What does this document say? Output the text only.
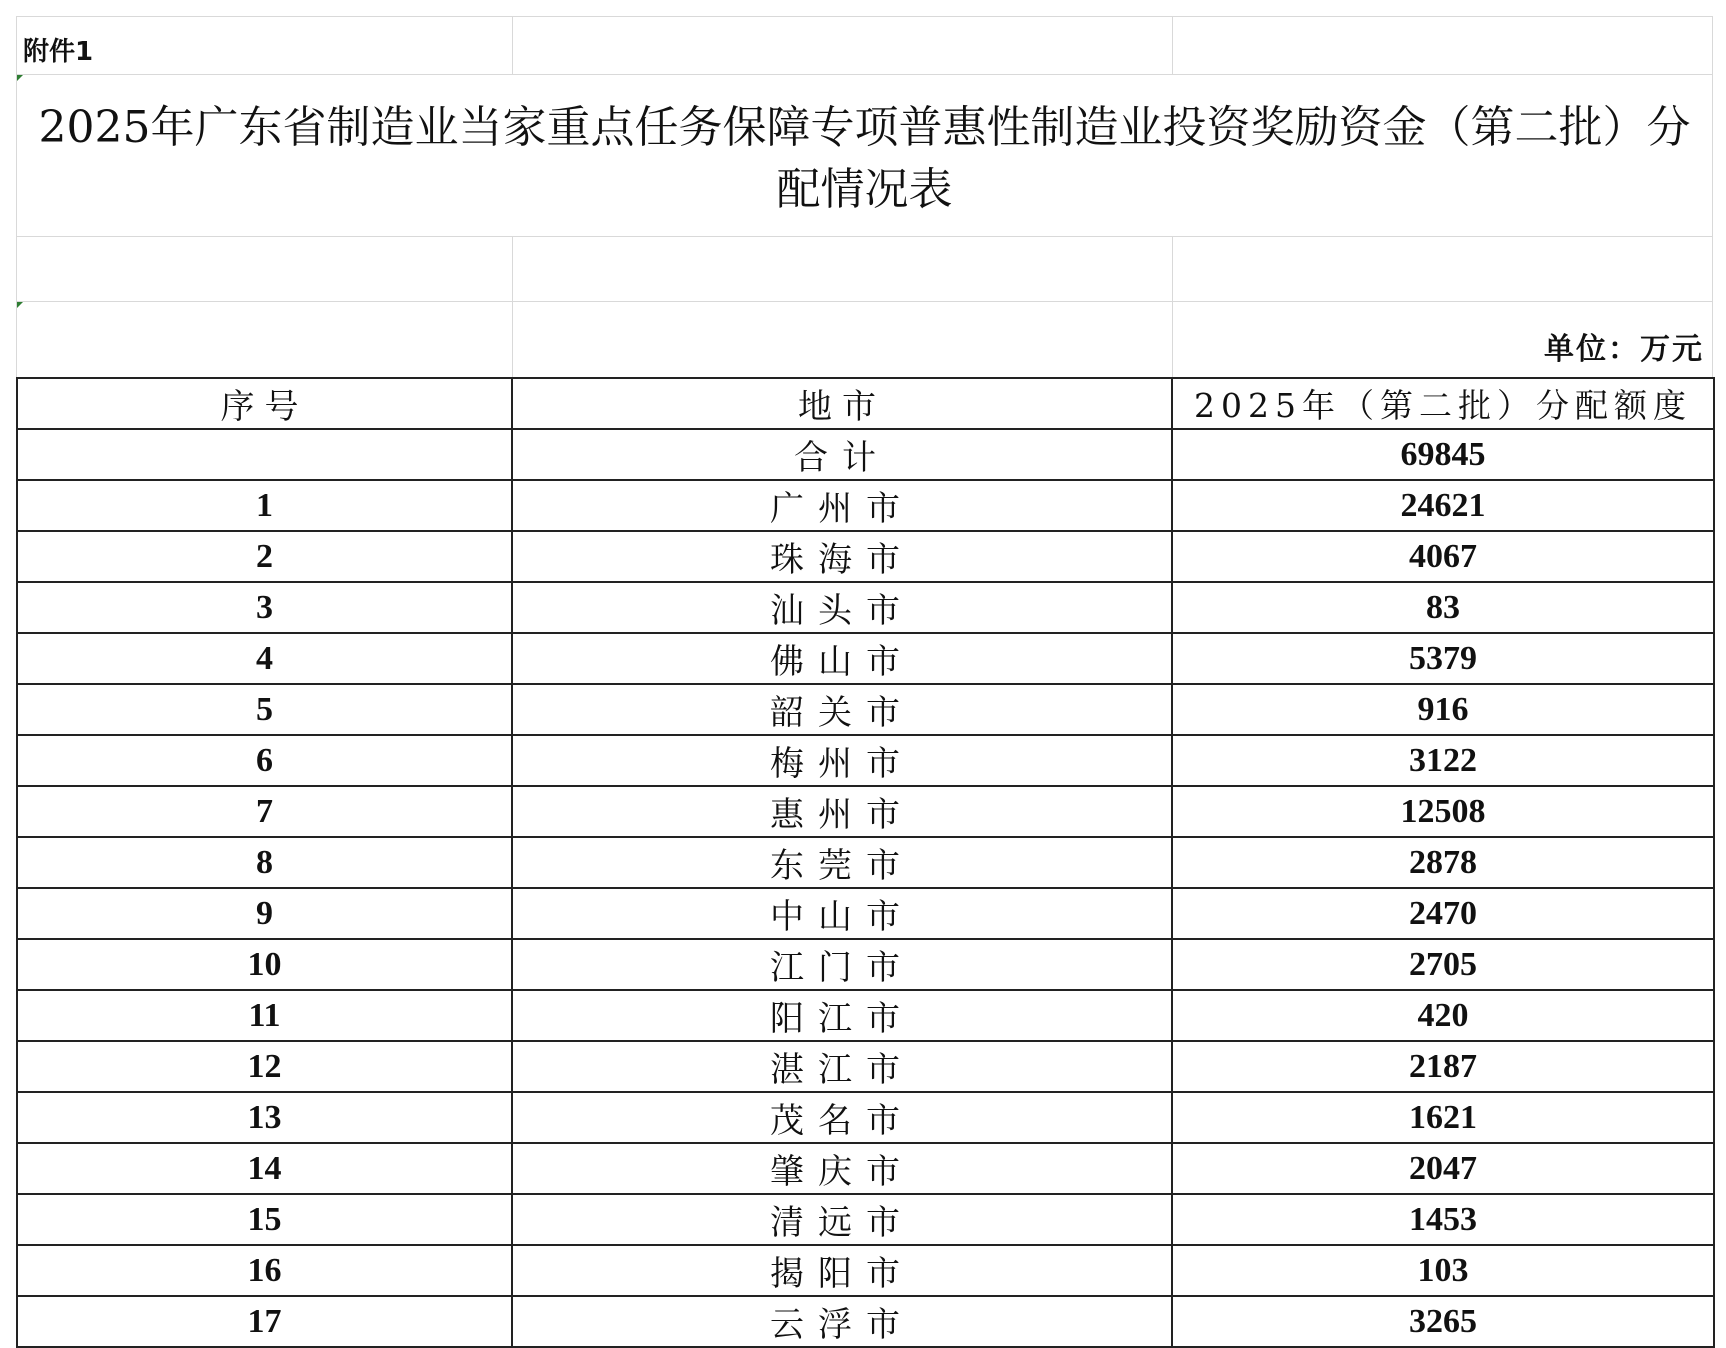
附件1
2025年广东省制造业当家重点任务保障专项普惠性制造业投资奖励资金（第二批）分配情况表
单位：万元
序号	地市	2025年（第二批）分配额度
	合计	69845
1	广州市	24621
2	珠海市	4067
3	汕头市	83
4	佛山市	5379
5	韶关市	916
6	梅州市	3122
7	惠州市	12508
8	东莞市	2878
9	中山市	2470
10	江门市	2705
11	阳江市	420
12	湛江市	2187
13	茂名市	1621
14	肇庆市	2047
15	清远市	1453
16	揭阳市	103
17	云浮市	3265
